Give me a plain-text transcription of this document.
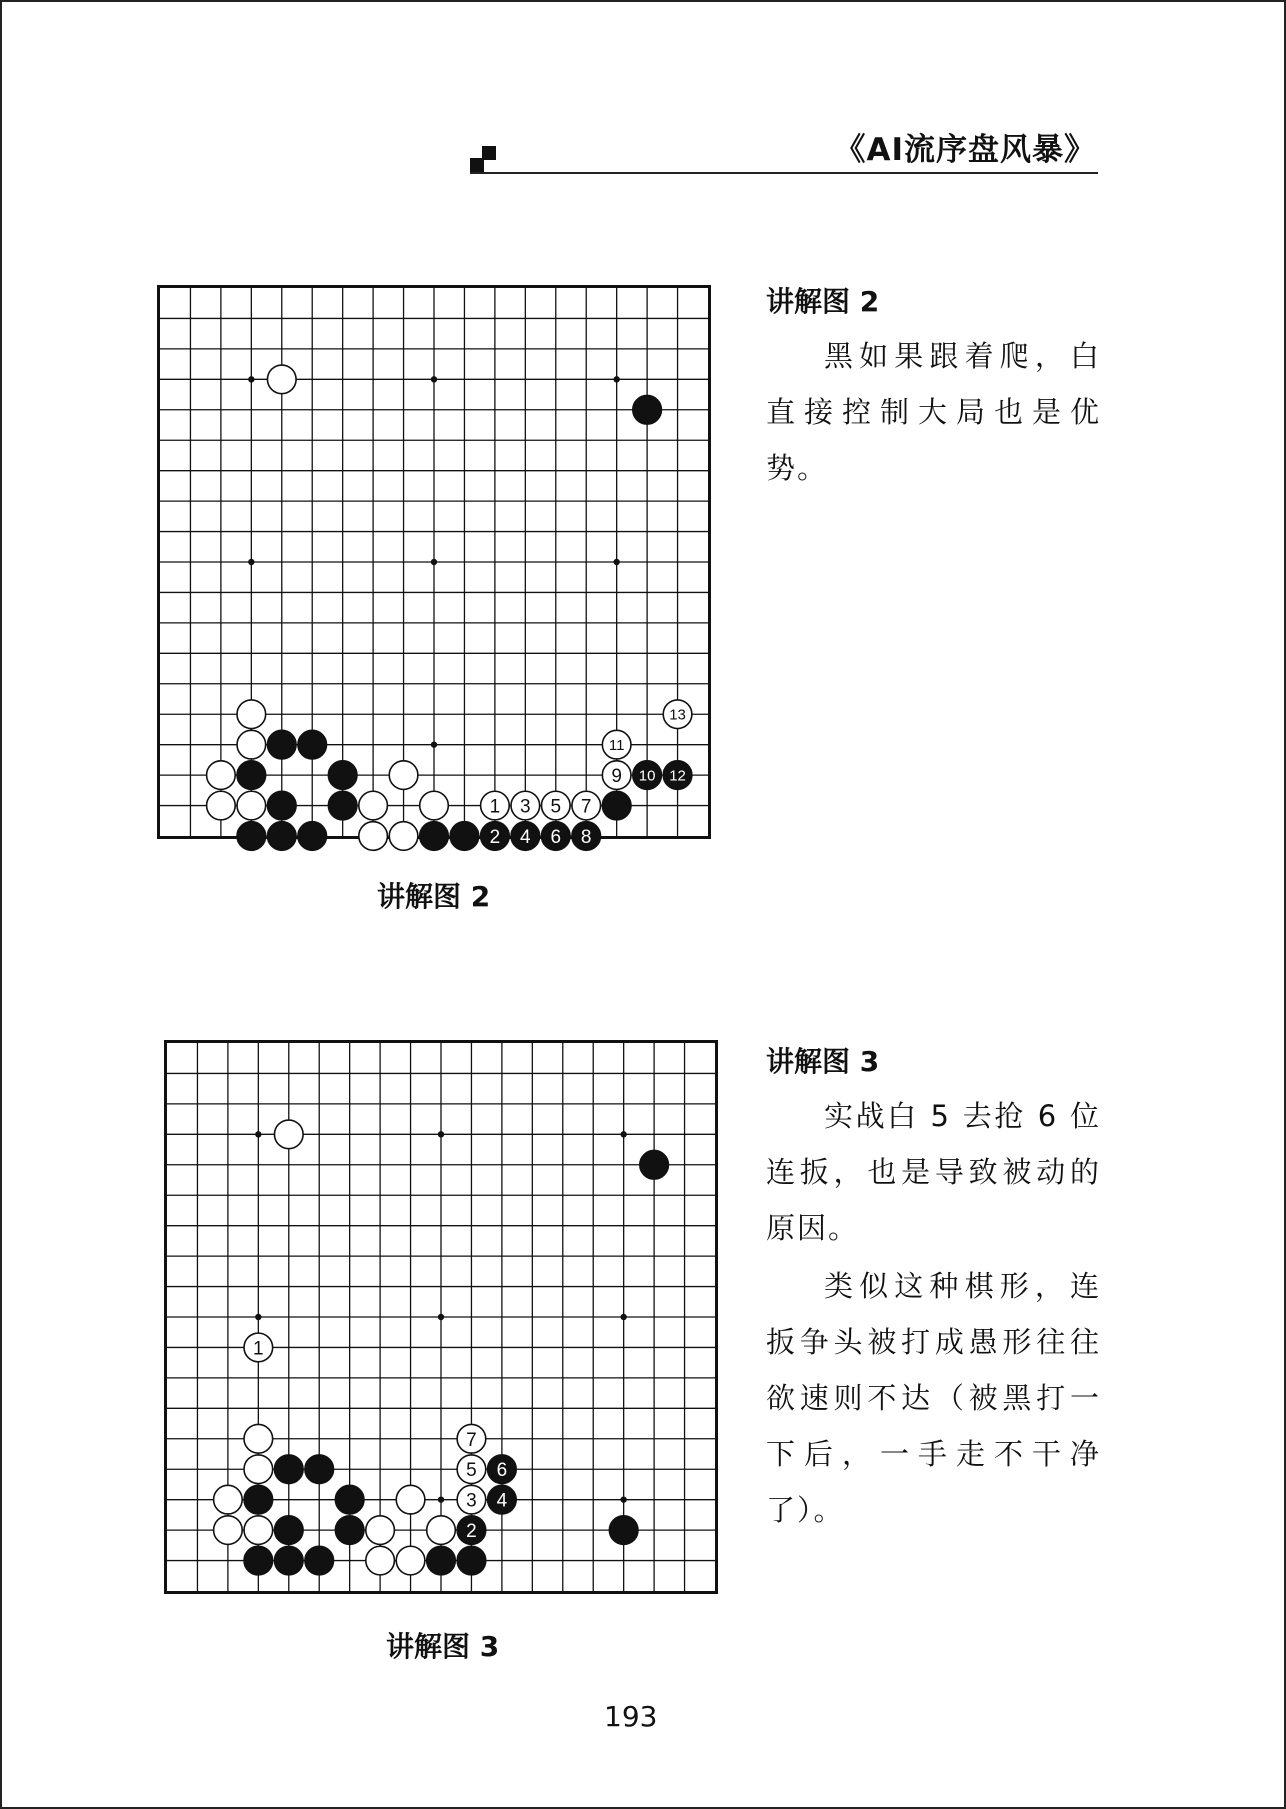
《AI流序盘风暴》
1
2
3
4
5
6
7
8
9 10
11
12
13
讲解图 2
讲解图 2

黑如果跟着爬，白直接控制大局也是优势。

1
2
3 4
5 6
7
讲解图 3
讲解图 3

实战白 5 去抢 6 位连扳，也是导致被动的原因。

类似这种棋形，连扳争头被打成愚形往往欲速则不达（被黑打一下后，一手走不干净了）。

193
